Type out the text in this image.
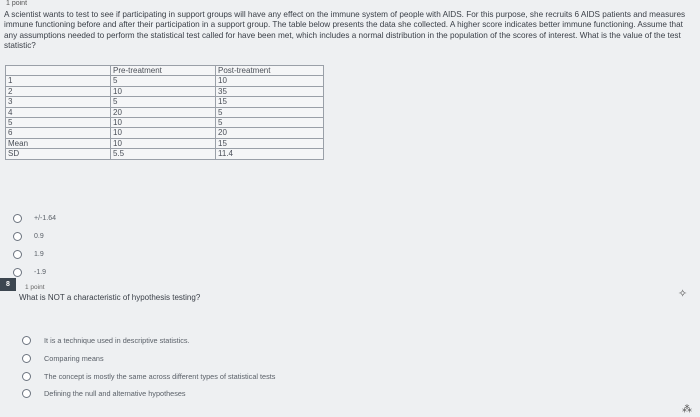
1 point
A scientist wants to test to see if participating in support groups will have any effect on the immune system of people with AIDS. For this purpose, she recruits 6 AIDS patients and measures immune functioning before and after their participation in a support group. The table below presents the data she collected. A higher score indicates better immune functioning. Assume that any assumptions needed to perform the statistical test called for have been met, which includes a normal distribution in the population of the scores of interest. What is the value of the test statistic?
	Pre-treatment	Post-treatment
1	5	10
2	10	35
3	5	15
4	20	5
5	10	5
6	10	20
Mean	10	15
SD	5.5	11.4
+/-1.64
0.9
1.9
-1.9
8	1 point
What is NOT a characteristic of hypothesis testing?	✧
It is a technique used in descriptive statistics.
Comparing means
The concept is mostly the same across different types of statistical tests
Defining the null and alternative hypotheses
⁂
